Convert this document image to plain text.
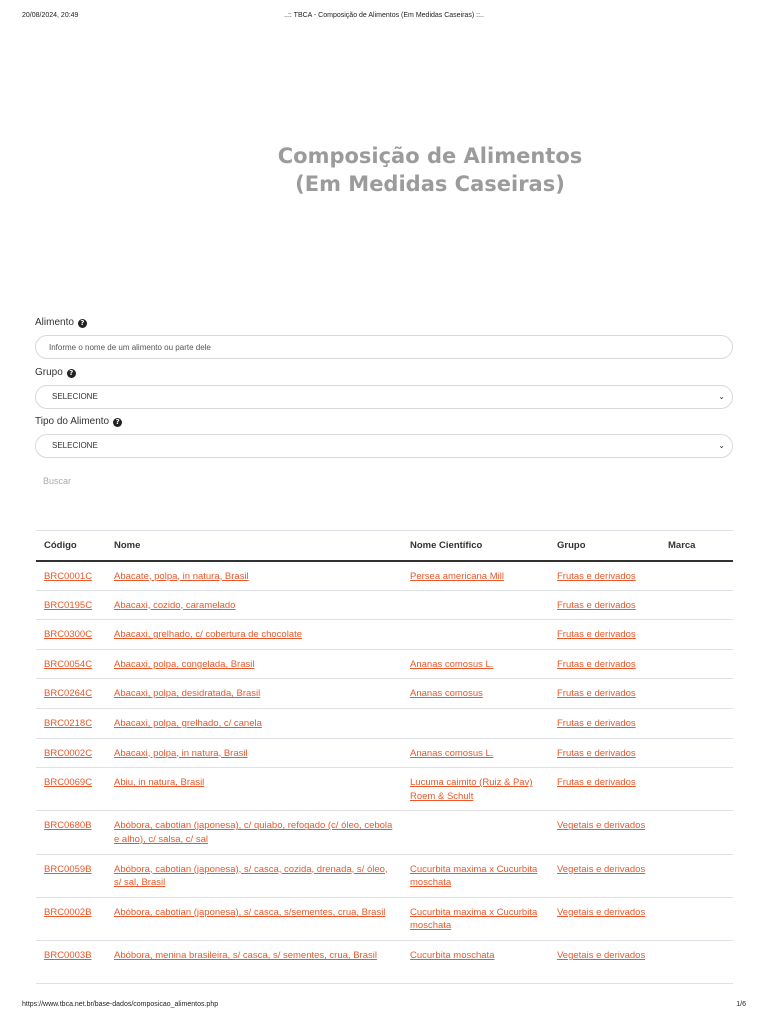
20/08/2024, 20:49	..:: TBCA - Composição de Alimentos (Em Medidas Caseiras) ::..
Composição de Alimentos
(Em Medidas Caseiras)
Alimento ?
Informe o nome de um alimento ou parte dele
Grupo ?
SELECIONE	⌄
Tipo do Alimento ?
SELECIONE	⌄
Buscar
Código	Nome	Nome Científico	Grupo	Marca
BRC0001C	Abacate, polpa, in natura, Brasil	Persea americana Mill	Frutas e derivados	
BRC0195C	Abacaxi, cozido, caramelado		Frutas e derivados	
BRC0300C	Abacaxi, grelhado, c/ cobertura de chocolate		Frutas e derivados	
BRC0054C	Abacaxi, polpa, congelada, Brasil	Ananas comosus L.	Frutas e derivados	
BRC0264C	Abacaxi, polpa, desidratada, Brasil	Ananas comosus	Frutas e derivados	
BRC0218C	Abacaxi, polpa, grelhado, c/ canela		Frutas e derivados	
BRC0002C	Abacaxi, polpa, in natura, Brasil	Ananas comosus L.	Frutas e derivados	
BRC0069C	Abiu, in natura, Brasil	Lucuma caimito (Ruiz & Pav) Roem & Schult	Frutas e derivados	
BRC0680B	Abóbora, cabotian (japonesa), c/ quiabo, refogado (c/ óleo, cebola e alho), c/ salsa, c/ sal		Vegetais e derivados	
BRC0059B	Abóbora, cabotian (japonesa), s/ casca, cozida, drenada, s/ óleo, s/ sal, Brasil	Cucurbita maxima x Cucurbita moschata	Vegetais e derivados	
BRC0002B	Abóbora, cabotian (japonesa), s/ casca, s/sementes, crua, Brasil	Cucurbita maxima x Cucurbita moschata	Vegetais e derivados	
BRC0003B	Abóbora, menina brasileira, s/ casca, s/ sementes, crua, Brasil	Cucurbita moschata	Vegetais e derivados	
https://www.tbca.net.br/base-dados/composicao_alimentos.php	1/6
